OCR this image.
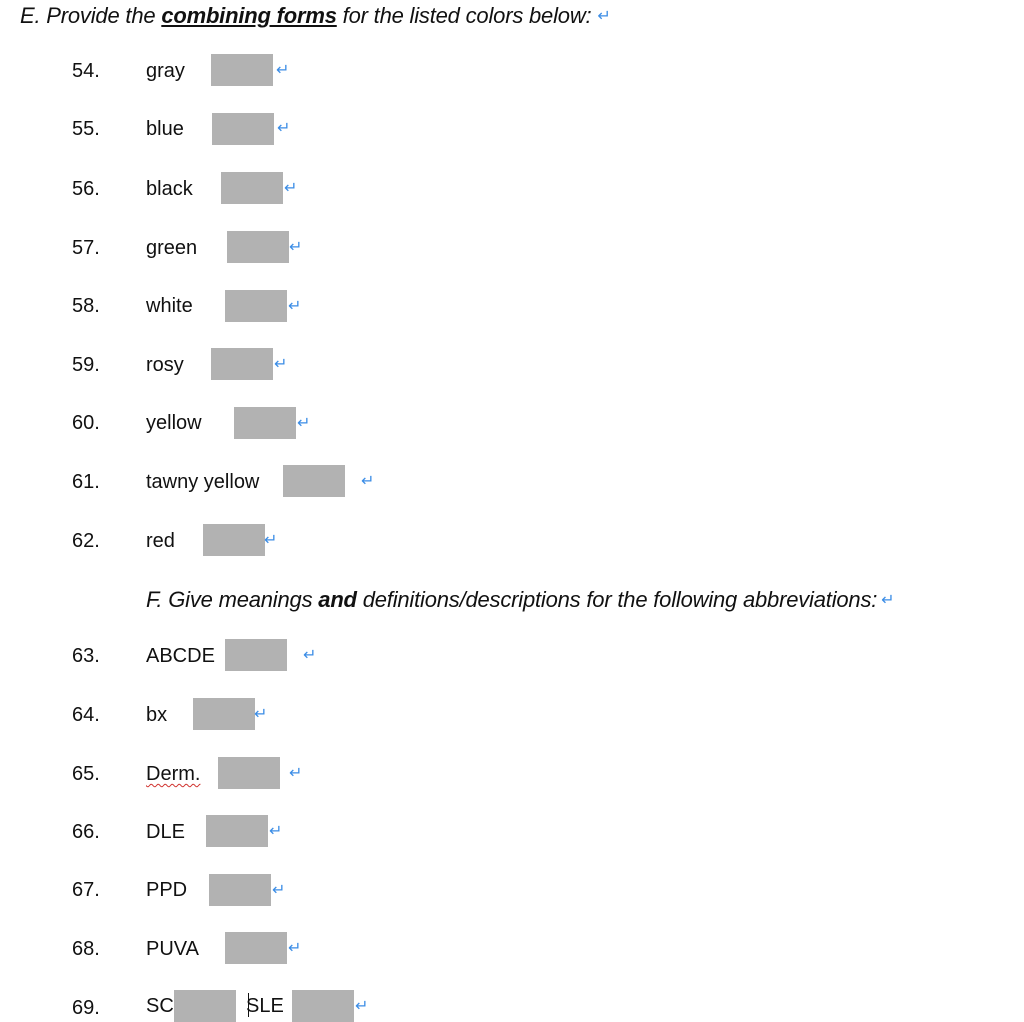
E. Provide the combining forms for the listed colors below: ↵
54. gray	↵
55. blue	↵
56. black	↵
57. green	↵
58. white	↵
59. rosy	↵
60. yellow	↵
61. tawny yellow	↵
62. red	↵
F. Give meanings and definitions/descriptions for the following abbreviations: ↵
63. ABCDE	↵
64. bx	↵
65. Derm.	↵
66. DLE	↵
67. PPD	↵
68. PUVA	↵
69. SC	SLE	↵
